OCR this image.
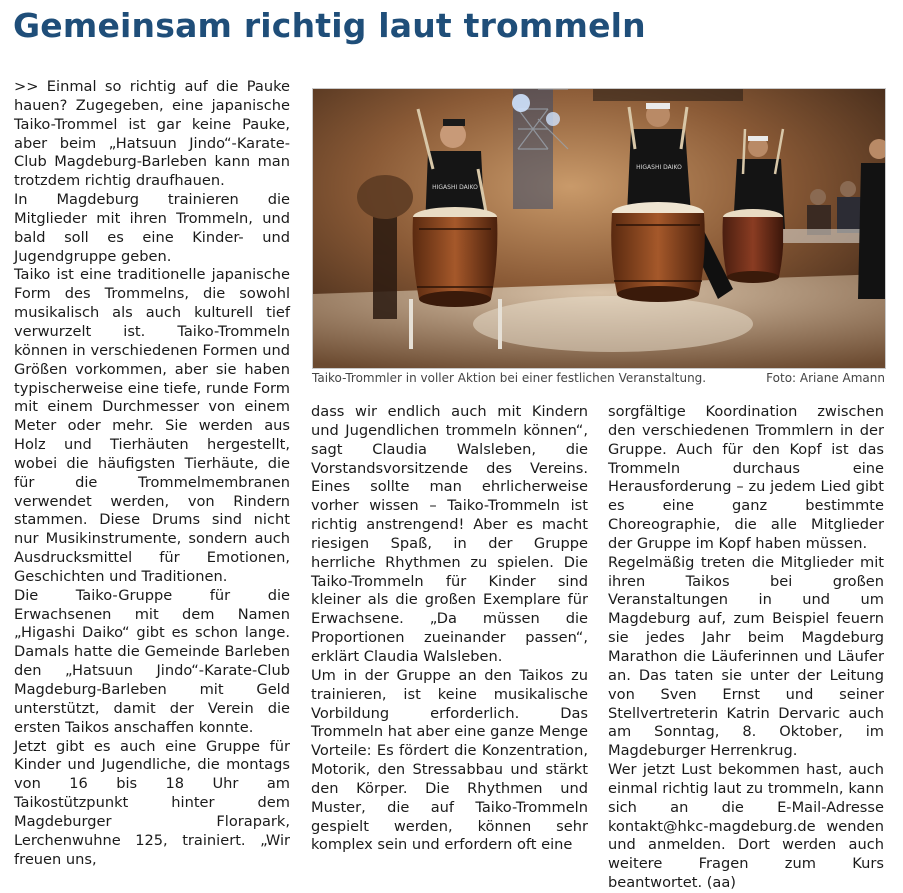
Gemeinsam richtig laut trommeln

>> Einmal so richtig auf die Pauke hauen? Zugegeben, eine japanische Taiko-Trommel ist gar keine Pauke, aber beim „Hatsuun Jindo“-Karate-Club Magdeburg-Barleben kann man trotzdem richtig draufhauen.

In Magdeburg trainieren die Mitglieder mit ihren Trommeln, und bald soll es eine Kinder- und Jugendgruppe geben.

Taiko ist eine traditionelle japanische Form des Trommelns, die sowohl musikalisch als auch kulturell tief verwurzelt ist. Taiko-Trommeln können in verschiedenen Formen und Größen vorkommen, aber sie haben typischerweise eine tiefe, runde Form mit einem Durchmesser von einem Meter oder mehr. Sie werden aus Holz und Tierhäuten hergestellt, wobei die häufigsten Tierhäute, die für die Trommelmembranen verwendet werden, von Rindern stammen. Diese Drums sind nicht nur Musikinstrumente, sondern auch Ausdrucksmittel für Emotionen, Geschichten und Traditionen.

Die Taiko-Gruppe für die Erwachsenen mit dem Namen „Higashi Daiko“ gibt es schon lange. Damals hatte die Gemeinde Barleben den „Hatsuun Jindo“-Karate-Club Magdeburg-Barleben mit Geld unterstützt, damit der Verein die ersten Taikos anschaffen konnte.

Jetzt gibt es auch eine Gruppe für Kinder und Jugendliche, die montags von 16 bis 18 Uhr am Taikostützpunkt hinter dem Magdeburger Florapark, Lerchenwuhne 125, trainiert. „Wir freuen uns,

HIGASHI DAIKO
HIGASHI DAIKO
Taiko-Trommler in voller Aktion bei einer festlichen Veranstaltung.	Foto: Ariane Amann

dass wir endlich auch mit Kindern und Jugendlichen trommeln können“, sagt Claudia Walsleben, die Vorstandsvorsitzende des Vereins. Eines sollte man ehrlicherweise vorher wissen – Taiko-Trommeln ist richtig anstrengend! Aber es macht riesigen Spaß, in der Gruppe herrliche Rhythmen zu spielen. Die Taiko-Trommeln für Kinder sind kleiner als die großen Exemplare für Erwachsene. „Da müssen die Proportionen zueinander passen“, erklärt Claudia Walsleben.

Um in der Gruppe an den Taikos zu trainieren, ist keine musikalische Vorbildung erforderlich. Das Trommeln hat aber eine ganze Menge Vorteile: Es fördert die Konzentration, Motorik, den Stressabbau und stärkt den Körper. Die Rhythmen und Muster, die auf Taiko-Trommeln gespielt werden, können sehr komplex sein und erfordern oft eine

sorgfältige Koordination zwischen den verschiedenen Trommlern in der Gruppe. Auch für den Kopf ist das Trommeln durchaus eine Herausforderung – zu jedem Lied gibt es eine ganz bestimmte Choreographie, die alle Mitglieder der Gruppe im Kopf haben müssen.

Regelmäßig treten die Mitglieder mit ihren Taikos bei großen Veranstaltungen in und um Magdeburg auf, zum Beispiel feuern sie jedes Jahr beim Magdeburg Marathon die Läuferinnen und Läufer an. Das taten sie unter der Leitung von Sven Ernst und seiner Stellvertreterin Katrin Dervaric auch am Sonntag, 8. Oktober, im Magdeburger Herrenkrug.

Wer jetzt Lust bekommen hast, auch einmal richtig laut zu trommeln, kann sich an die E-Mail-Adresse kontakt@hkc-magdeburg.de wenden und anmelden. Dort werden auch weitere Fragen zum Kurs beantwortet. (aa)
